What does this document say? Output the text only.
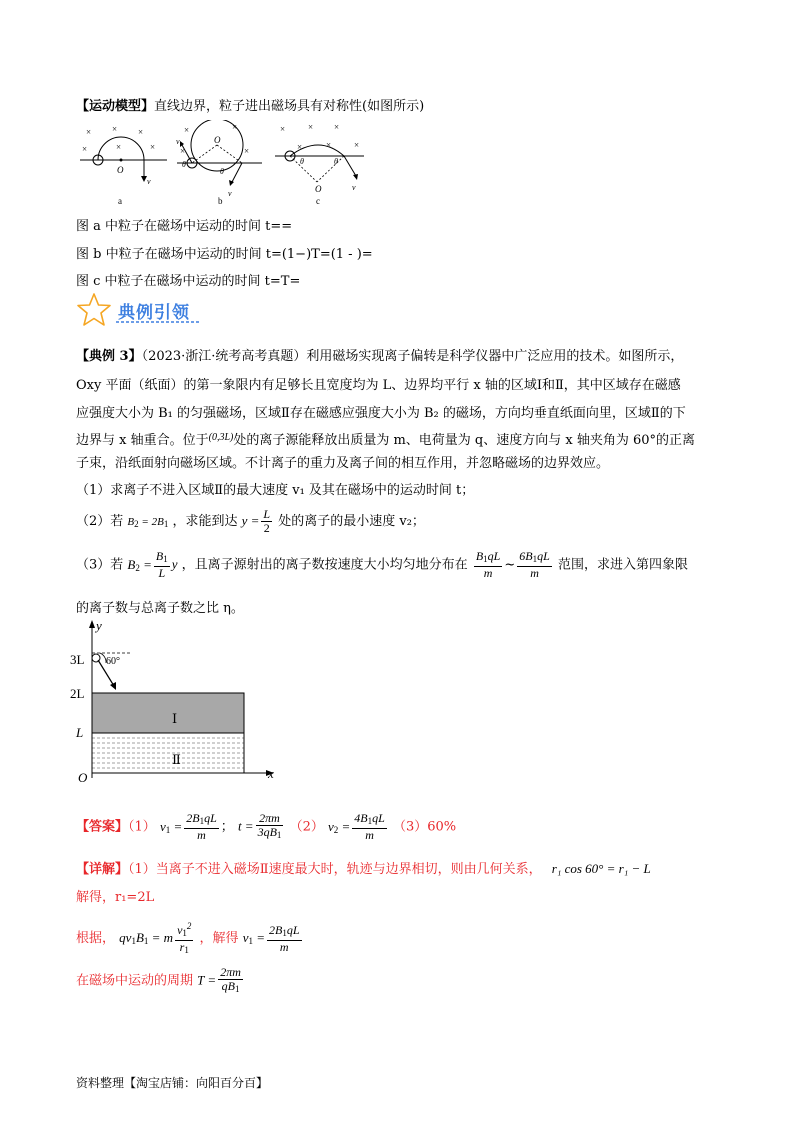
【运动模型】直线边界，粒子进出磁场具有对称性(如图所示)
× × ×
×	×	×
O
v
a
×	×
×	×
O
θ
θ
v
v
b
×	× ×
×	×	×
θ	θ
O	v
c
图 a 中粒子在磁场中运动的时间 t==
图 b 中粒子在磁场中运动的时间 t=(1−)T=(1 - )=
图 c 中粒子在磁场中运动的时间 t=T=
典例引领
【典例 3】（2023·浙江·统考高考真题）利用磁场实现离子偏转是科学仪器中广泛应用的技术。如图所示，
Oxy 平面（纸面）的第一象限内有足够长且宽度均为 L、边界均平行 x 轴的区域Ⅰ和Ⅱ，其中区域存在磁感
应强度大小为 B₁ 的匀强磁场，区域Ⅱ存在磁感应强度大小为 B₂ 的磁场，方向均垂直纸面向里，区域Ⅱ的下
边界与 x 轴重合。位于$^{(0,3L)}$处的离子源能释放出质量为 m、电荷量为 q、速度方向与 x 轴夹角为 60°的正离
子束，沿纸面射向磁场区域。不计离子的重力及离子间的相互作用，并忽略磁场的边界效应。
（1）求离子不进入区域Ⅱ的最大速度 v₁ 及其在磁场中的运动时间 t；
（2）若 $B_2 = 2B_1$ ，求能到达 $y = \frac{L}{2}$ 处的离子的最小速度 v₂；
（3）若 $B_2 = \frac{B_1}{L}$ y ，且离子源射出的离子数按速度大小均匀地分布在 $\frac{B_1qL}{m}$ ~ $\frac{6B_1qL}{m}$ 范围，求进入第四象限
的离子数与总离子数之比 η。
y
x
O
3L
2L
L
60°
Ⅰ
Ⅱ
【答案】（1） $v_1 = \frac{2B_1qL}{m}$ ； $t = \frac{2\pi m}{3qB_1} (2) v_2 = \frac{4B_1qL}{m} (3)60\%$
【详解】（1）当离子不进入磁场Ⅱ速度最大时，轨迹与边界相切，则由几何关系， r₁ cos 60° = r₁ − L
解得，r₁=2L
根据， $qv_1B_1 = m \frac{v_1^2}{r_1}$ ，解得 $v_1 = \frac{2B_1qL}{m}$
在磁场中运动的周期 $T = \frac{2\pi m}{qB_1}$
资料整理【淘宝店铺：向阳百分百】
